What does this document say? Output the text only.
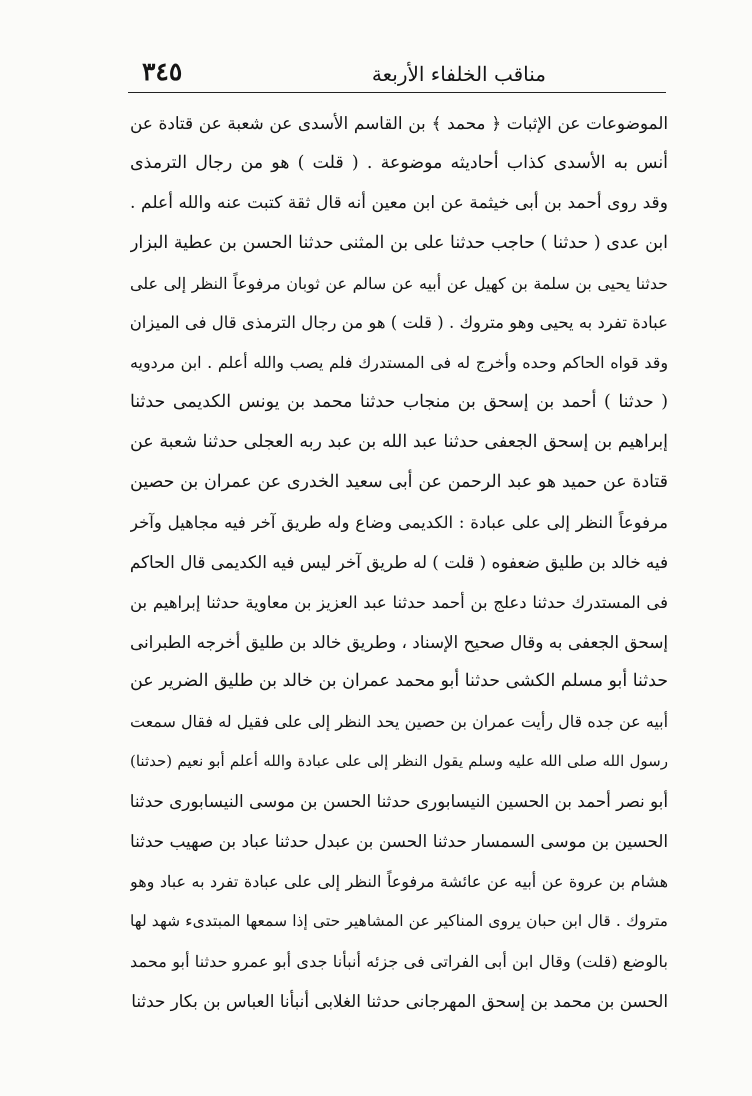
مناقب الخلفاء الأربعة
٣٤٥
الموضوعات عن الإثبات ﴿ محمد ﴾ بن القاسم الأسدى عن شعبة عن قتادة عن
أنس به الأسدى كذاب أحاديثه موضوعة . ( قلت ) هو من رجال الترمذى
وقد روى أحمد بن أبى خيثمة عن ابن معين أنه قال ثقة كتبت عنه والله أعلم .
ابن عدى ( حدثنا ) حاجب حدثنا على بن المثنى حدثنا الحسن بن عطية البزار
حدثنا يحيى بن سلمة بن كهيل عن أبيه عن سالم عن ثوبان مرفوعاً النظر إلى على
عبادة تفرد به يحيى وهو متروك . ( قلت ) هو من رجال الترمذى قال فى الميزان
وقد قواه الحاكم وحده وأخرج له فى المستدرك فلم يصب والله أعلم . ابن مردويه
( حدثنا ) أحمد بن إسحق بن منجاب حدثنا محمد بن يونس الكديمى حدثنا
إبراهيم بن إسحق الجعفى حدثنا عبد الله بن عبد ربه العجلى حدثنا شعبة عن
قتادة عن حميد هو عبد الرحمن عن أبى سعيد الخدرى عن عمران بن حصين
مرفوعاً النظر إلى على عبادة : الكديمى وضاع وله طريق آخر فيه مجاهيل وآخر
فيه خالد بن طليق ضعفوه ( قلت ) له طريق آخر ليس فيه الكديمى قال الحاكم
فى المستدرك حدثنا دعلج بن أحمد حدثنا عبد العزيز بن معاوية حدثنا إبراهيم بن
إسحق الجعفى به وقال صحيح الإسناد ، وطريق خالد بن طليق أخرجه الطبرانى
حدثنا أبو مسلم الكشى حدثنا أبو محمد عمران بن خالد بن طليق الضرير عن
أبيه عن جده قال رأيت عمران بن حصين يحد النظر إلى على فقيل له فقال سمعت
رسول الله صلى الله عليه وسلم يقول النظر إلى على عبادة والله أعلم أبو نعيم (حدثنا)
أبو نصر أحمد بن الحسين النيسابورى حدثنا الحسن بن موسى النيسابورى حدثنا
الحسين بن موسى السمسار حدثنا الحسن بن عبدل حدثنا عباد بن صهيب حدثنا
هشام بن عروة عن أبيه عن عائشة مرفوعاً النظر إلى على عبادة تفرد به عباد وهو
متروك . قال ابن حبان يروى المناكير عن المشاهير حتى إذا سمعها المبتدىء شهد لها
بالوضع (قلت) وقال ابن أبى الفراتى فى جزئه أنبأنا جدى أبو عمرو حدثنا أبو محمد
الحسن بن محمد بن إسحق المهرجانى حدثنا الغلابى أنبأنا العباس بن بكار حدثنا
